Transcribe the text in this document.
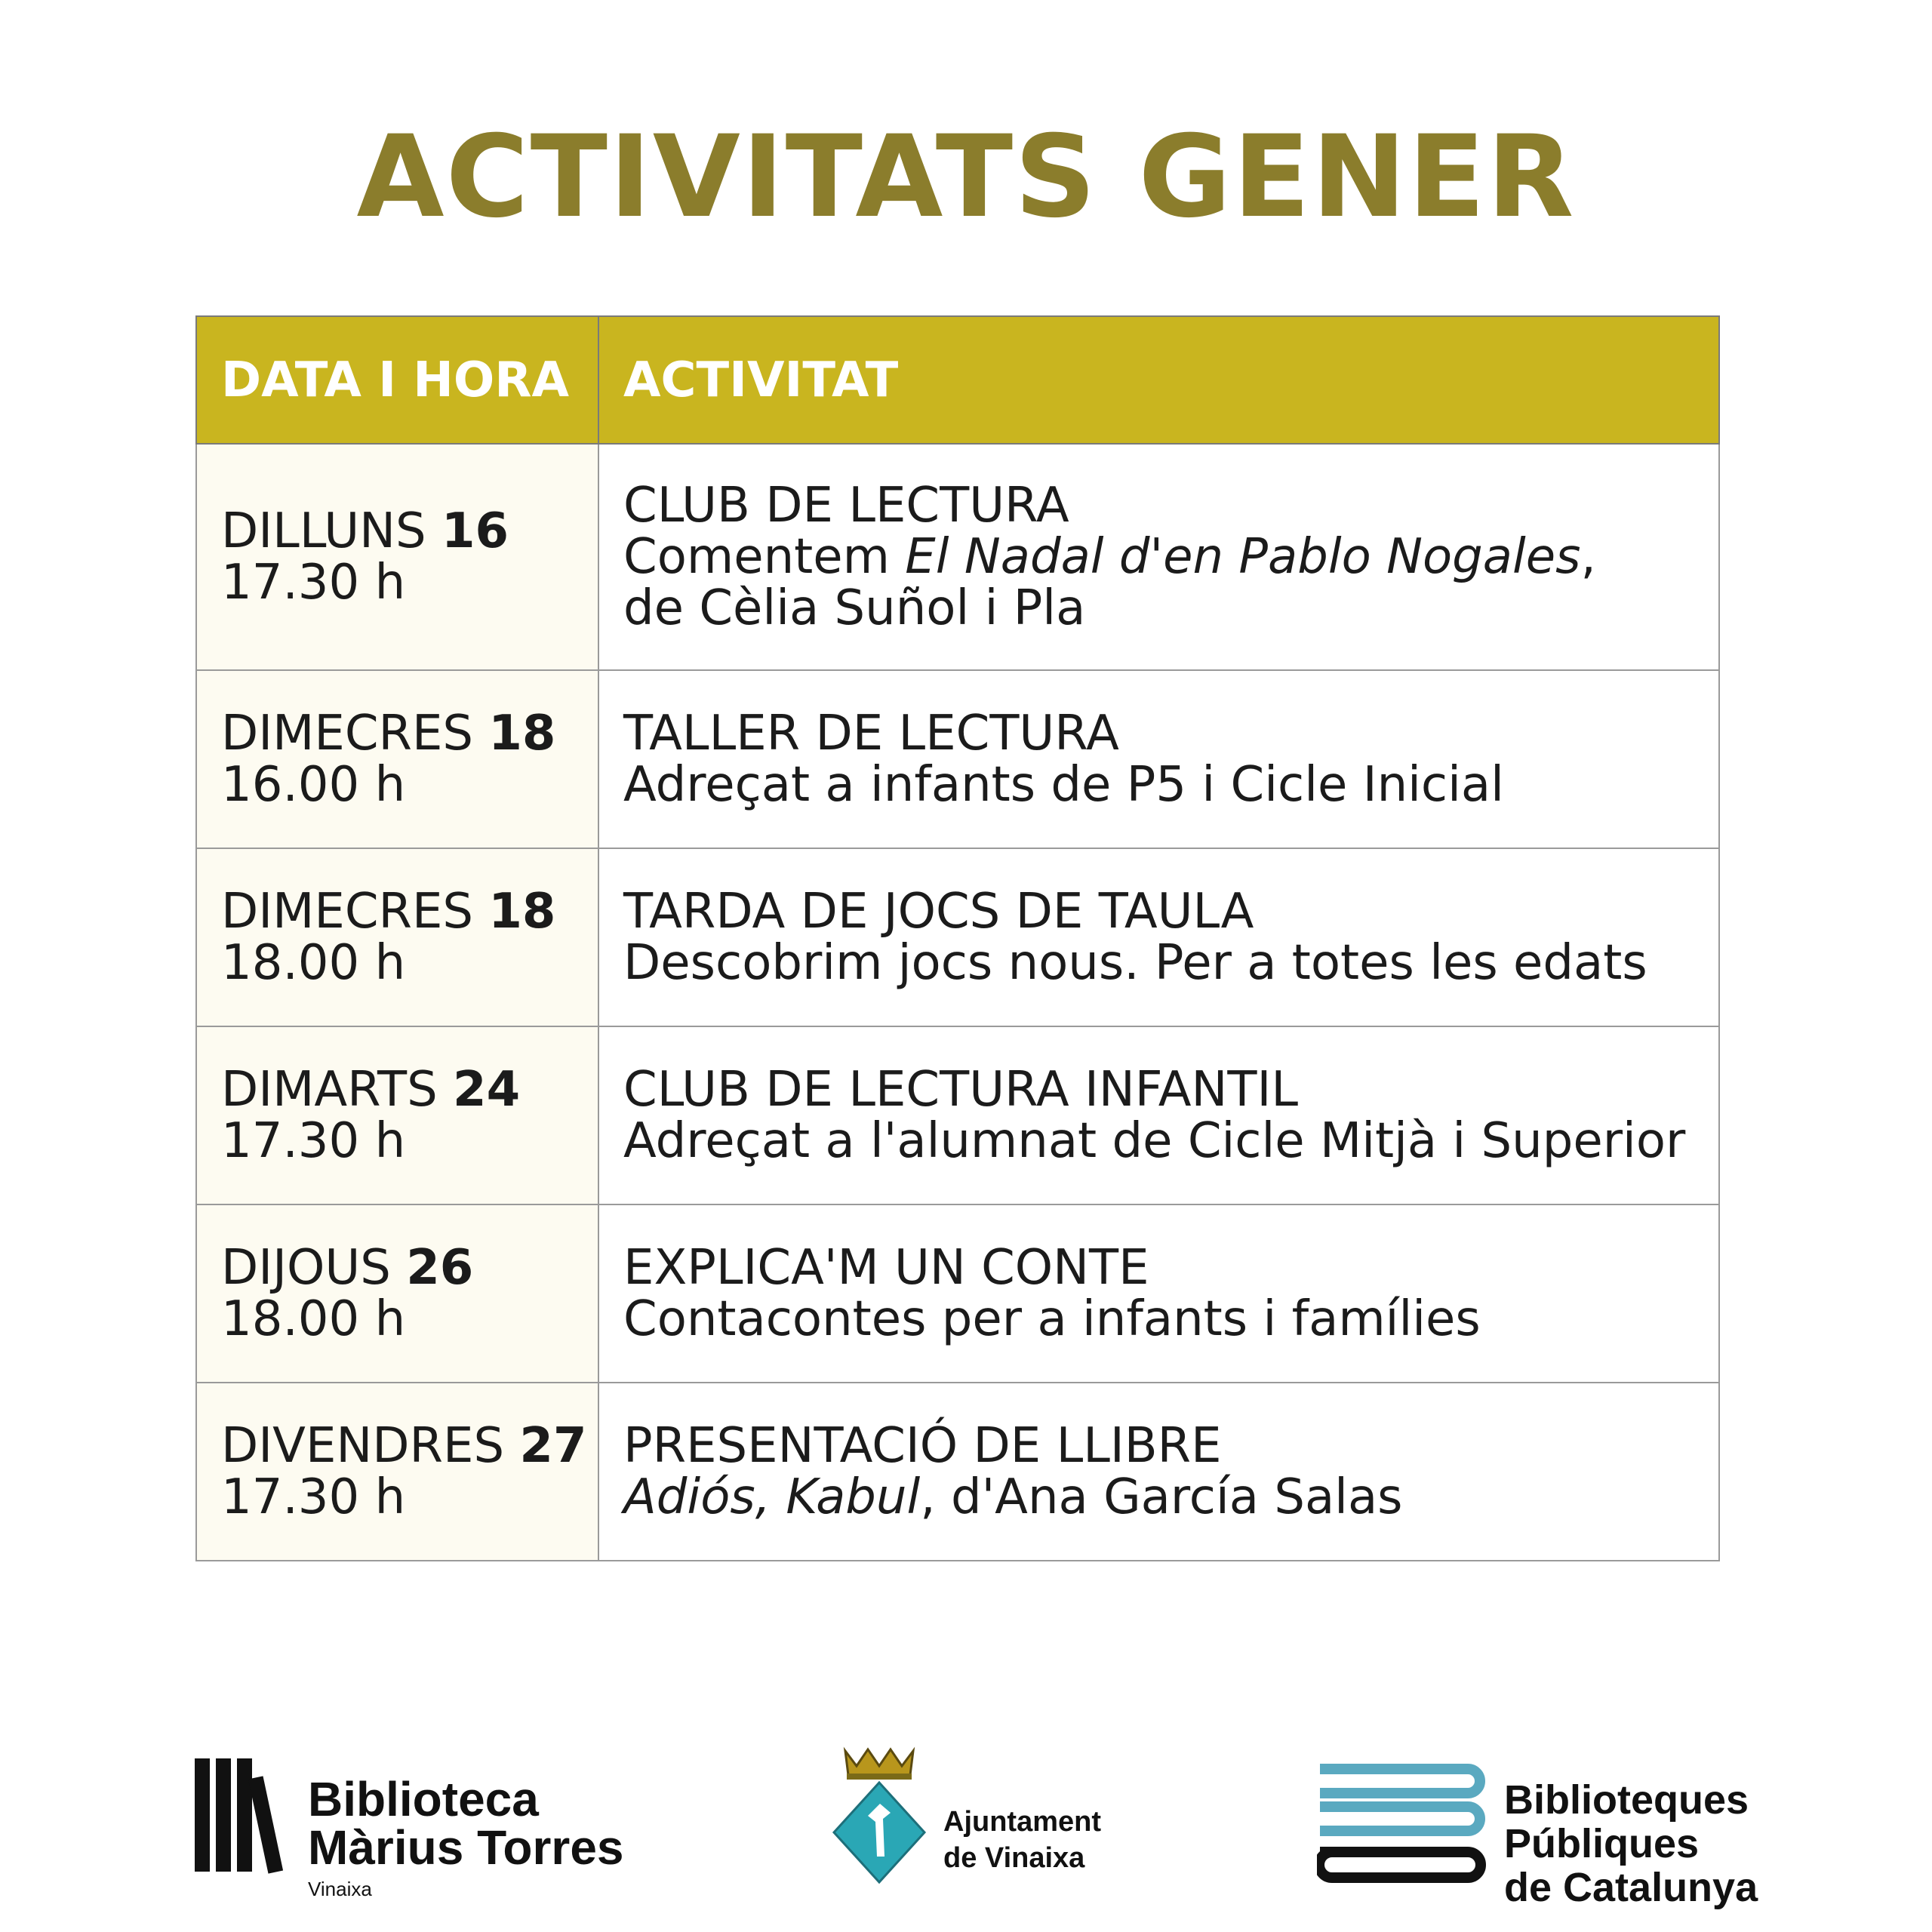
ACTIVITATS GENER
DATA I HORA	ACTIVITAT

DILLUNS 16
17.30 h	CLUB DE LECTURA
Comentem El Nadal d'en Pablo Nogales,
de Cèlia Suñol i Pla

DIMECRES 18
16.00 h	TALLER DE LECTURA
Adreçat a infants de P5 i Cicle Inicial

DIMECRES 18
18.00 h	TARDA DE JOCS DE TAULA
Descobrim jocs nous. Per a totes les edats

DIMARTS 24
17.30 h	CLUB DE LECTURA INFANTIL
Adreçat a l'alumnat de Cicle Mitjà i Superior

DIJOUS 26
18.00 h	EXPLICA'M UN CONTE
Contacontes per a infants i famílies

DIVENDRES 27
17.30 h	PRESENTACIÓ DE LLIBRE
Adiós, Kabul, d'Ana García Salas
Biblioteca
Màrius Torres
Vinaixa
Ajuntament
de Vinaixa
Biblioteques
Públiques
de Catalunya
